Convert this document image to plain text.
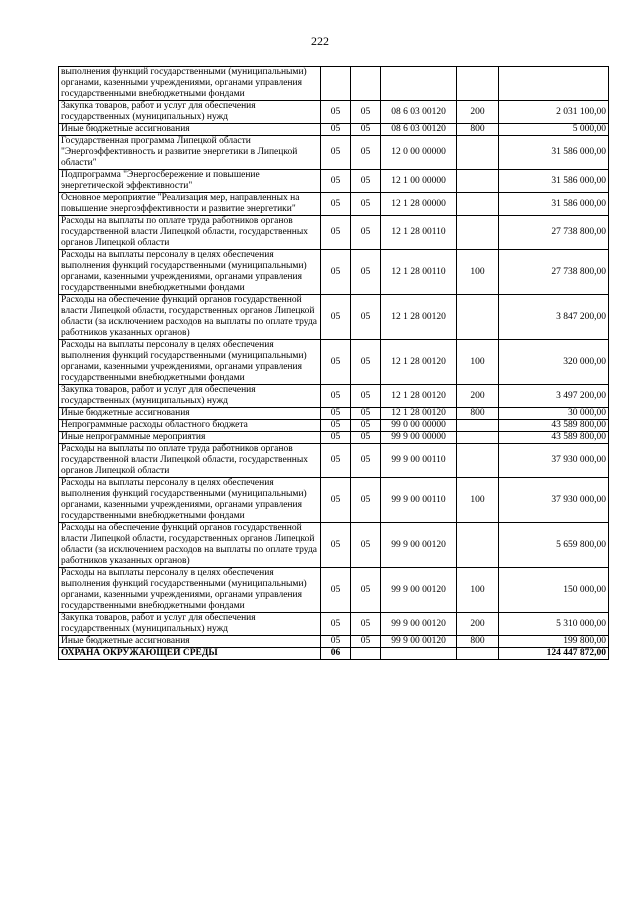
222
выполнения функций государственными (муниципальными) органами, казенными учреждениями, органами управления государственными внебюджетными фондами					
Закупка товаров, работ и услуг для обеспечения государственных (муниципальных) нужд	05	05	08 6 03 00120	200	2 031 100,00
Иные бюджетные ассигнования	05	05	08 6 03 00120	800	5 000,00
Государственная программа Липецкой области "Энергоэффективность и развитие энергетики в Липецкой области"	05	05	12 0 00 00000		31 586 000,00
Подпрограмма "Энергосбережение и повышение энергетической эффективности"	05	05	12 1 00 00000		31 586 000,00
Основное мероприятие "Реализация мер, направленных на повышение энергоэффективности и развитие энергетики"	05	05	12 1 28 00000		31 586 000,00
Расходы на выплаты по оплате труда работников органов государственной власти Липецкой области, государственных органов Липецкой области	05	05	12 1 28 00110		27 738 800,00
Расходы на выплаты персоналу в целях обеспечения выполнения функций государственными (муниципальными) органами, казенными учреждениями, органами управления государственными внебюджетными фондами	05	05	12 1 28 00110	100	27 738 800,00
Расходы на обеспечение функций органов государственной власти Липецкой области, государственных органов Липецкой области (за исключением расходов на выплаты по оплате труда работников указанных органов)	05	05	12 1 28 00120		3 847 200,00
Расходы на выплаты персоналу в целях обеспечения выполнения функций государственными (муниципальными) органами, казенными учреждениями, органами управления государственными внебюджетными фондами	05	05	12 1 28 00120	100	320 000,00
Закупка товаров, работ и услуг для обеспечения государственных (муниципальных) нужд	05	05	12 1 28 00120	200	3 497 200,00
Иные бюджетные ассигнования	05	05	12 1 28 00120	800	30 000,00
Непрограммные расходы областного бюджета	05	05	99 0 00 00000		43 589 800,00
Иные непрограммные мероприятия	05	05	99 9 00 00000		43 589 800,00
Расходы на выплаты по оплате труда работников органов государственной власти Липецкой области, государственных органов Липецкой области	05	05	99 9 00 00110		37 930 000,00
Расходы на выплаты персоналу в целях обеспечения выполнения функций государственными (муниципальными) органами, казенными учреждениями, органами управления государственными внебюджетными фондами	05	05	99 9 00 00110	100	37 930 000,00
Расходы на обеспечение функций органов государственной власти Липецкой области, государственных органов Липецкой области (за исключением расходов на выплаты по оплате труда работников указанных органов)	05	05	99 9 00 00120		5 659 800,00
Расходы на выплаты персоналу в целях обеспечения выполнения функций государственными (муниципальными) органами, казенными учреждениями, органами управления государственными внебюджетными фондами	05	05	99 9 00 00120	100	150 000,00
Закупка товаров, работ и услуг для обеспечения государственных (муниципальных) нужд	05	05	99 9 00 00120	200	5 310 000,00
Иные бюджетные ассигнования	05	05	99 9 00 00120	800	199 800,00
ОХРАНА ОКРУЖАЮЩЕЙ СРЕДЫ	06				124 447 872,00
